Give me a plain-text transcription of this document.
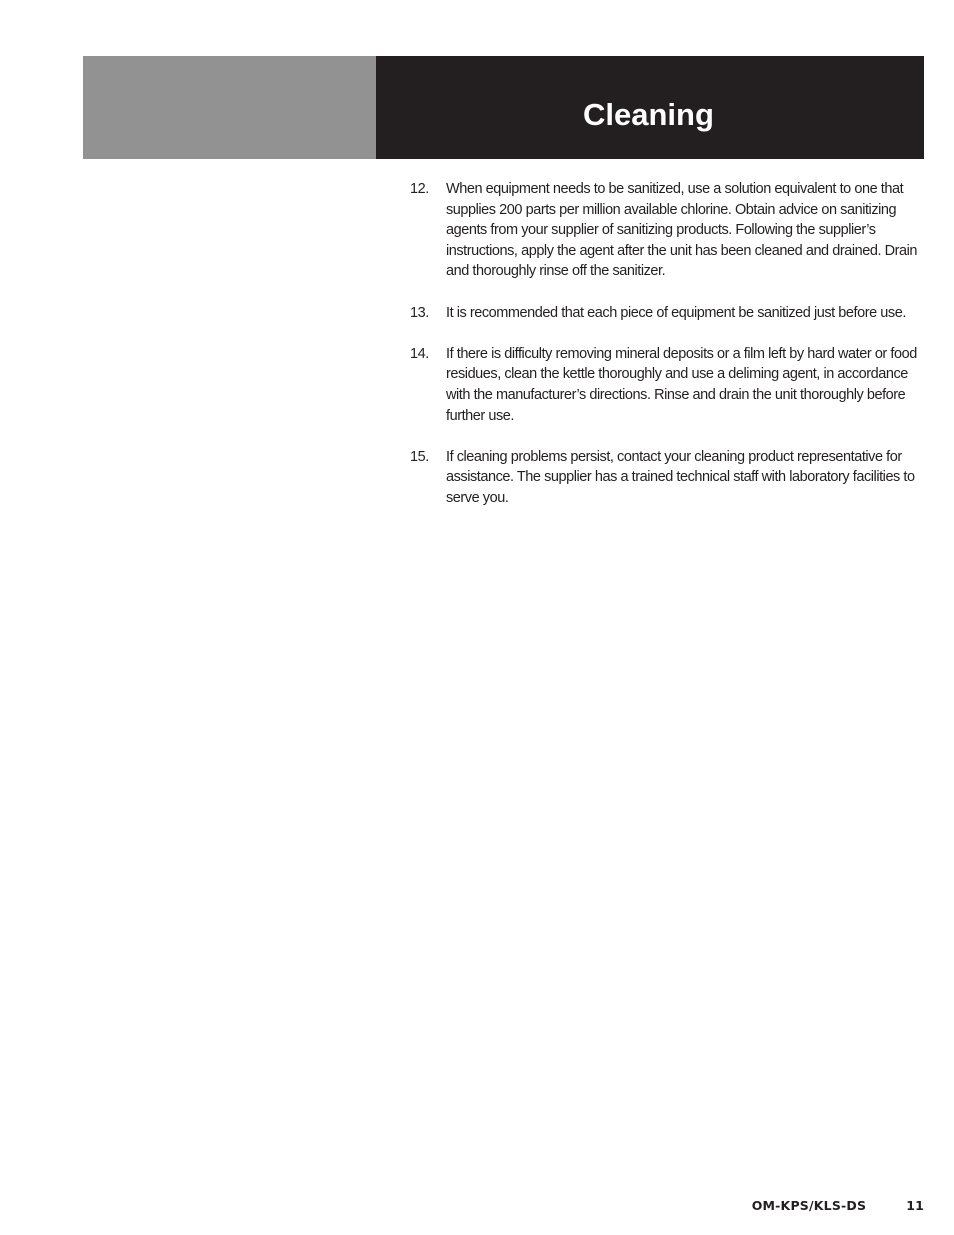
Cleaning
12.	When equipment needs to be sanitized, use a solution equivalent to one that supplies 200 parts per million available chlorine. Obtain advice on sanitizing agents from your supplier of sanitizing products. Following the supplier’s instructions, apply the agent after the unit has been cleaned and drained. Drain and thoroughly rinse off the sanitizer.
13.	It is recommended that each piece of equipment be sanitized just before use.
14.	If there is difficulty removing mineral deposits or a film left by hard water or food residues, clean the kettle thoroughly and use a deliming agent, in accordance with the manufacturer’s directions. Rinse and drain the unit thoroughly before further use.
15.	If cleaning problems persist, contact your cleaning product representative for assistance. The supplier has a trained technical staff with laboratory facilities to serve you.
OM-KPS/KLS-DS	11
